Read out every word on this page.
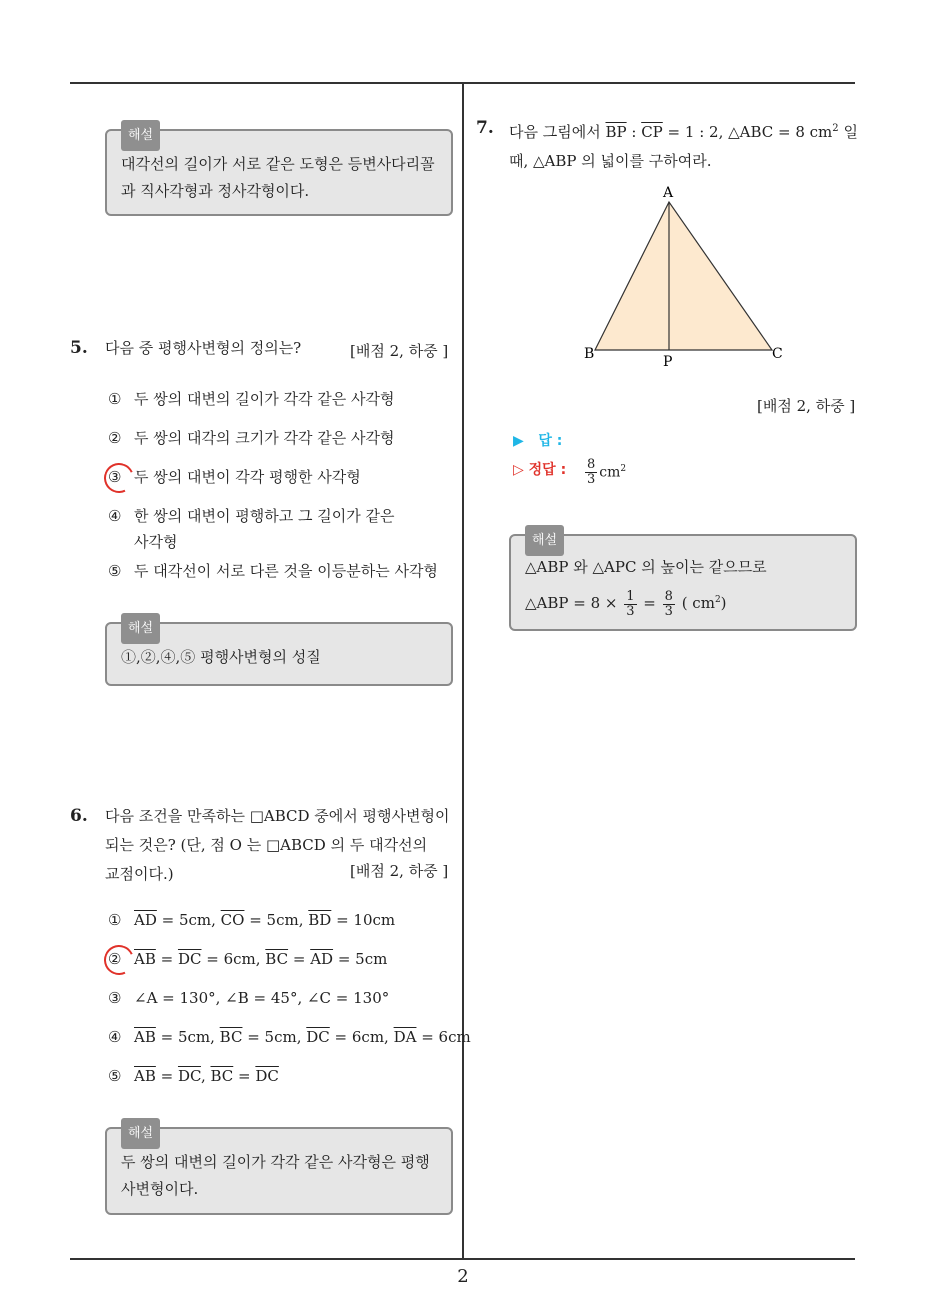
해설
대각선의 길이가 서로 같은 도형은 등변사다리꼴
과 직사각형과 정사각형이다.
5. 다음 중 평행사변형의 정의는?	[배점 2, 하중 ]
① 두 쌍의 대변의 길이가 각각 같은 사각형
② 두 쌍의 대각의 크기가 각각 같은 사각형
③ 두 쌍의 대변이 각각 평행한 사각형
④ 한 쌍의 대변이 평행하고 그 길이가 같은
사각형
⑤ 두 대각선이 서로 다른 것을 이등분하는 사각형
해설
①,②,④,⑤ 평행사변형의 성질
6. 다음 조건을 만족하는 □ABCD 중에서 평행사변형이
되는 것은? (단, 점 O 는 □ABCD 의 두 대각선의
교점이다.)	[배점 2, 하중 ]
① $\overline{AD} = 5cm$, $\overline{CO} = 5cm$, $\overline{BD} = 10cm$
② $\overline{AB} = \overline{DC} = 6cm$, $\overline{BC} = \overline{AD} = 5cm$
③ ∠A = 130°, ∠B = 45°, ∠C = 130°
④ $\overline{AB} = 5cm$, $\overline{BC} = 5cm$, $\overline{DC} = 6cm$, $\overline{DA} = 6cm$
⑤ $\overline{AB} = \overline{DC}$, $\overline{BC} = \overline{DC}$
해설
두 쌍의 대변의 길이가 각각 같은 사각형은 평행
사변형이다.
7. 다음 그림에서 $\overline{BP}$ : $\overline{CP} = 1$ : 2, △ABC = 8 $cm^2$ 일
때, △ABP 의 넓이를 구하여라.
A
B	C
P
[배점 2, 하중 ]
▶ 답 :
▷ 정답 : $\frac{8}{3} cm^2$
해설
△ABP 와 △APC 의 높이는 같으므로
△ABP = $8 \times \frac{1}{3} = \frac{8}{3}$ ( $cm^2$)
2
